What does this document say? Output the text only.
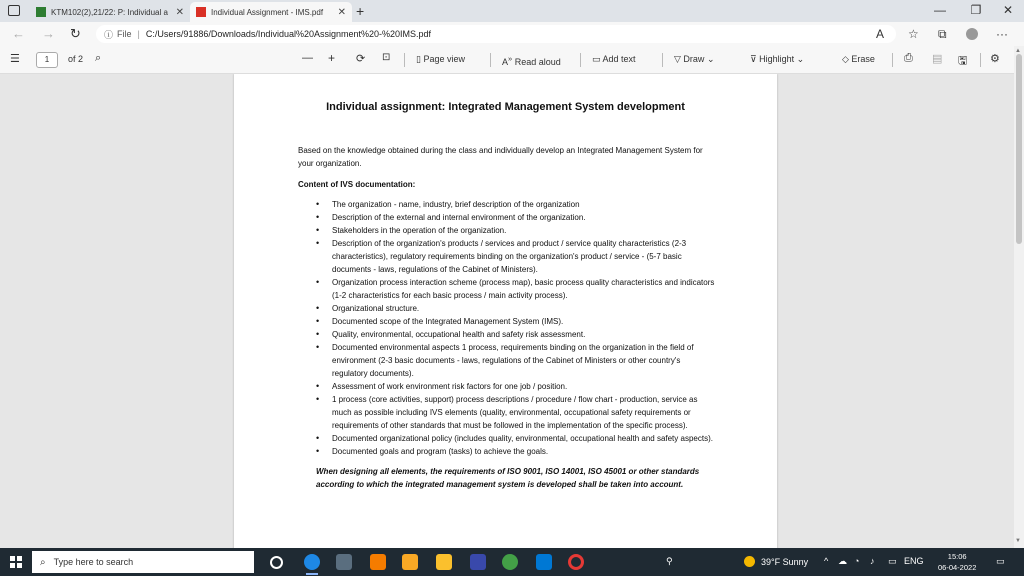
KTM102(2),21/22: P: Individual a ✕	Individual Assignment - IMS.pdf	✕ +	—	❐	✕
← → ↻	ⓘ File | C:/Users/91886/Downloads/Individual%20Assignment%20-%20IMS.pdf	A ☆ ⧉	···
☰	1	of 2 ⌕	— + ⟳ ⊡	▯ Page view	A» Read aloud	▭ Add text	▽ Draw ⌄	⊽ Highlight ⌄	◇ Erase	⎙ ▤ 🖫 ⚙
Individual assignment: Integrated Management System development

Based on the knowledge obtained during the class and individually develop an Integrated Management System for your organization.

Content of IVS documentation:

• The organization - name, industry, brief description of the organization
• Description of the external and internal environment of the organization.
• Stakeholders in the operation of the organization.
• Description of the organization's products / services and product / service quality characteristics (2-3 characteristics), regulatory requirements binding on the organization's product / service - (5-7 basic documents - laws, regulations of the Cabinet of Ministers).
• Organization process interaction scheme (process map), basic process quality characteristics and indicators (1-2 characteristics for each basic process / main activity process).
• Organizational structure.
• Documented scope of the Integrated Management System (IMS).
• Quality, environmental, occupational health and safety risk assessment.
• Documented environmental aspects 1 process, requirements binding on the organization in the field of environment (2-3 basic documents - laws, regulations of the Cabinet of Ministers or other country's regulatory documents).
• Assessment of work environment risk factors for one job / position.
• 1 process (core activities, support) process descriptions / procedure / flow chart - production, service as much as possible including IVS elements (quality, environmental, occupational safety requirements or requirements of other standards that must be followed in the implementation of the specific process).
• Documented organizational policy (includes quality, environmental, occupational health and safety aspects).
• Documented goals and program (tasks) to achieve the goals.

When designing all elements, the requirements of ISO 9001, ISO 14001, ISO 45001 or other standards according to which the integrated management system is developed shall be taken into account.

▲
▼
⌕ Type here to search	⚲	39°F Sunny ^ ☁ ◔ ♪ ▭ ENG	15:06
06-04-2022
▭
